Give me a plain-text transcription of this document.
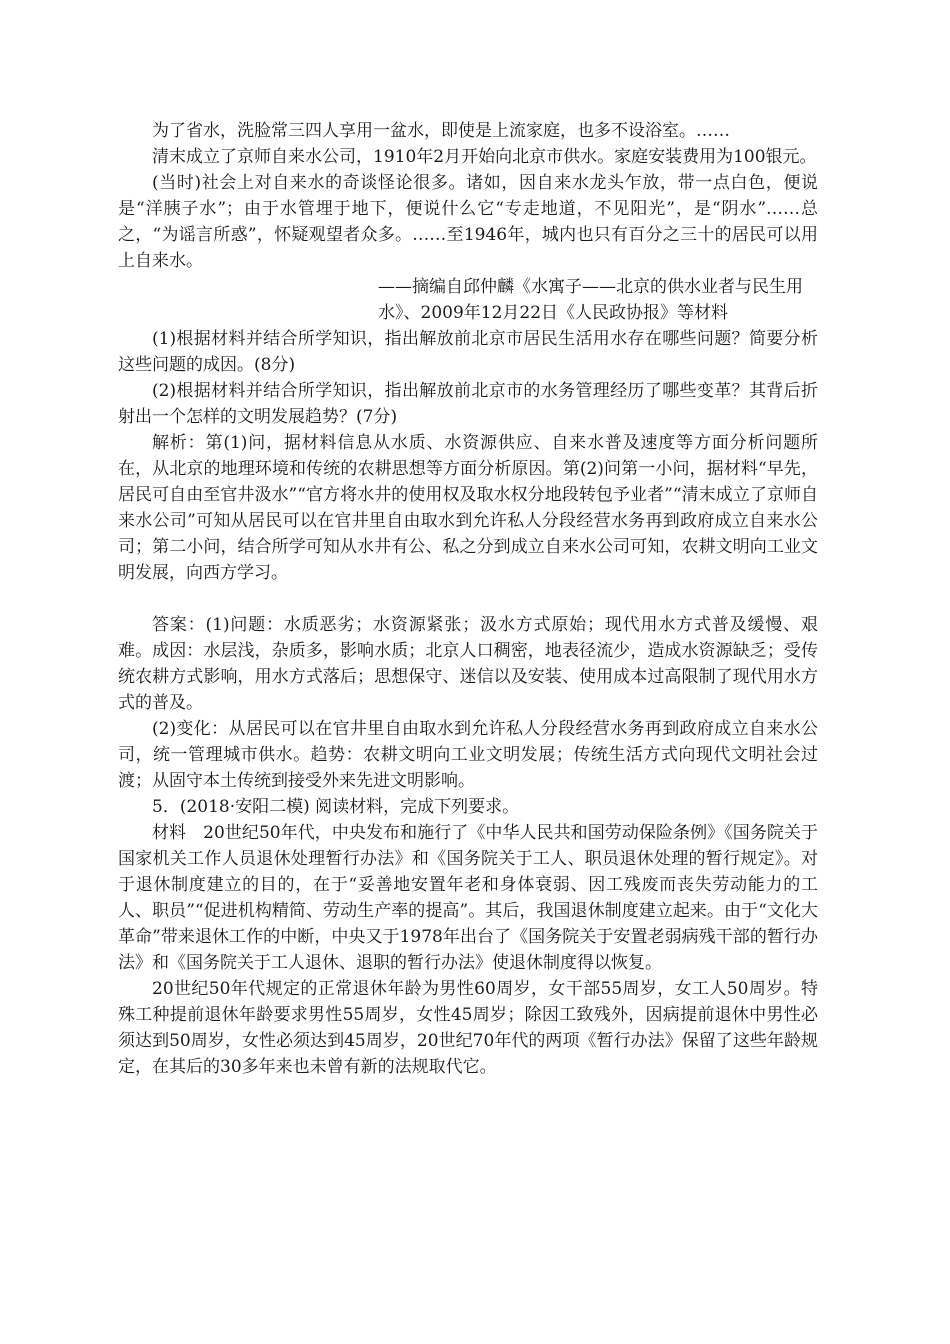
为了省水，洗脸常三四人享用一盆水，即使是上流家庭，也多不设浴室。……

清末成立了京师自来水公司，1910年2月开始向北京市供水。家庭安装费用为100银元。

(当时)社会上对自来水的奇谈怪论很多。诸如，因自来水龙头乍放，带一点白色，便说是“洋胰子水”；由于水管埋于地下，便说什么它“专走地道，不见阳光”，是“阴水”……总之，“为谣言所惑”，怀疑观望者众多。……至1946年，城内也只有百分之三十的居民可以用上自来水。

——摘编自邱仲麟《水寓子——北京的供水业者与民生用水》、2009年12月22日《人民政协报》等材料

(1)根据材料并结合所学知识，指出解放前北京市居民生活用水存在哪些问题？简要分析这些问题的成因。(8分)

(2)根据材料并结合所学知识，指出解放前北京市的水务管理经历了哪些变革？其背后折射出一个怎样的文明发展趋势？(7分)

解析：第(1)问，据材料信息从水质、水资源供应、自来水普及速度等方面分析问题所在，从北京的地理环境和传统的农耕思想等方面分析原因。第(2)问第一小问，据材料“早先，居民可自由至官井汲水”“官方将水井的使用权及取水权分地段转包予业者”“清末成立了京师自来水公司”可知从居民可以在官井里自由取水到允许私人分段经营水务再到政府成立自来水公司；第二小问，结合所学可知从水井有公、私之分到成立自来水公司可知，农耕文明向工业文明发展，向西方学习。

答案：(1)问题：水质恶劣；水资源紧张；汲水方式原始；现代用水方式普及缓慢、艰难。成因：水层浅，杂质多，影响水质；北京人口稠密，地表径流少，造成水资源缺乏；受传统农耕方式影响，用水方式落后；思想保守、迷信以及安装、使用成本过高限制了现代用水方式的普及。

(2)变化：从居民可以在官井里自由取水到允许私人分段经营水务再到政府成立自来水公司，统一管理城市供水。趋势：农耕文明向工业文明发展；传统生活方式向现代文明社会过渡；从固守本土传统到接受外来先进文明影响。

5．(2018·安阳二模) 阅读材料，完成下列要求。

材料　20世纪50年代，中央发布和施行了《中华人民共和国劳动保险条例》《国务院关于国家机关工作人员退休处理暂行办法》和《国务院关于工人、职员退休处理的暂行规定》。对于退休制度建立的目的，在于“妥善地安置年老和身体衰弱、因工残废而丧失劳动能力的工人、职员”“促进机构精简、劳动生产率的提高”。其后，我国退休制度建立起来。由于“文化大革命”带来退休工作的中断，中央又于1978年出台了《国务院关于安置老弱病残干部的暂行办法》和《国务院关于工人退休、退职的暂行办法》使退休制度得以恢复。

20世纪50年代规定的正常退休年龄为男性60周岁，女干部55周岁，女工人50周岁。特殊工种提前退休年龄要求男性55周岁，女性45周岁；除因工致残外，因病提前退休中男性必须达到50周岁，女性必须达到45周岁，20世纪70年代的两项《暂行办法》保留了这些年龄规定，在其后的30多年来也未曾有新的法规取代它。
